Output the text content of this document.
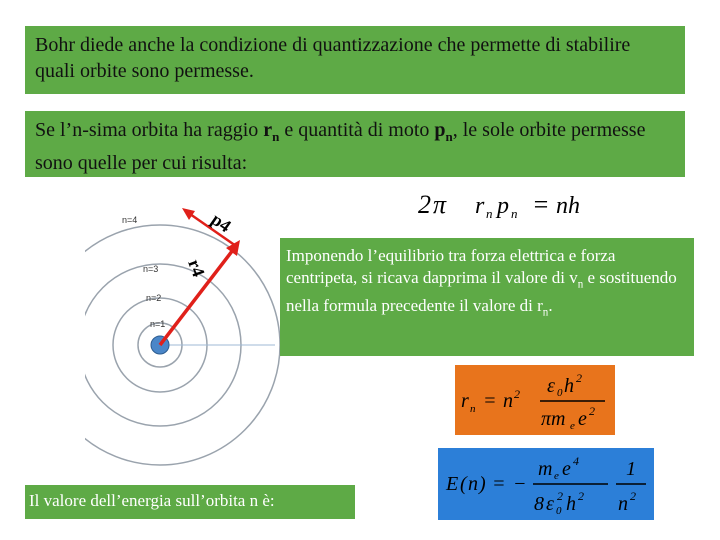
Bohr diede anche la condizione di quantizzazione che permette di stabilire quali orbite sono permesse.
Se l’n-sima orbita ha raggio $r_n$ e quantità di moto $p_n$, le sole orbite permesse sono quelle per cui risulta:
2 π r n p n = nh
n=1
n=2
n=3
n=4	p4
r4
Imponendo l’equilibrio tra forza elettrica e forza centripeta, si ricava dapprima il valore di $v_n$ e sostituendo nella formula precedente il valore di $r_n$.
r n = n 2 ε 0 h 2
πm e e 2
E ( n ) = −
m e e 4
8 ε 0
2 h 2
1
n 2
Il valore dell’energia sull’orbita n è:
